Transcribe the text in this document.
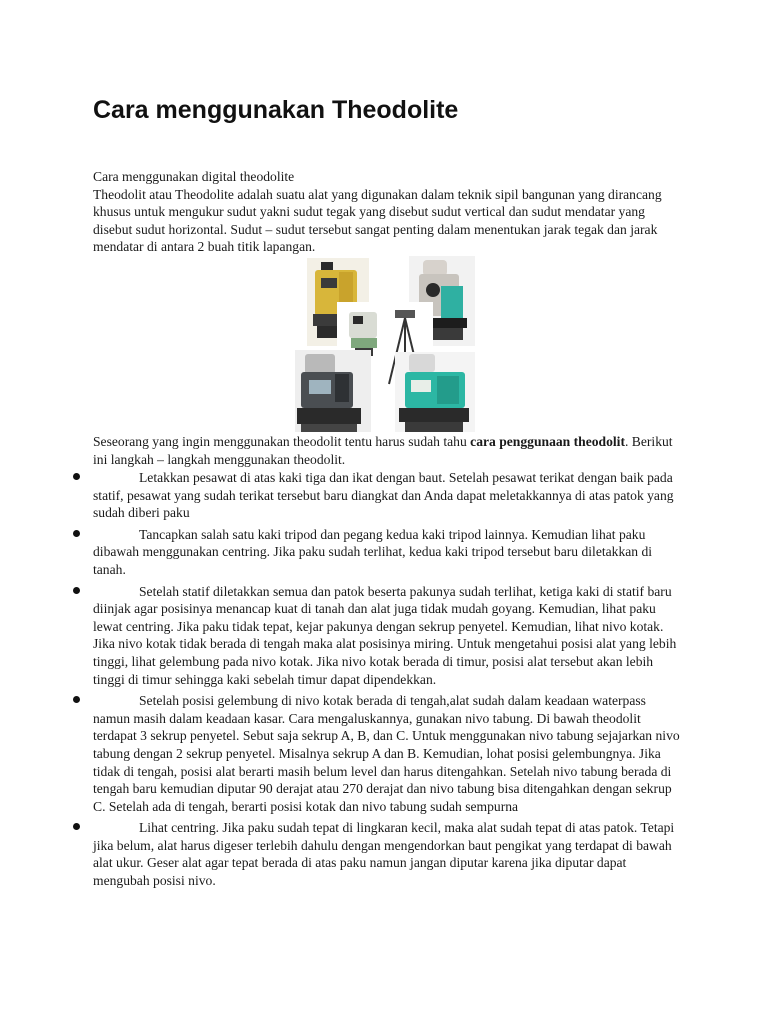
Cara menggunakan Theodolite

Cara menggunakan digital theodolite

Theodolit atau Theodolite adalah suatu alat yang digunakan dalam teknik sipil bangunan yang dirancang khusus untuk mengukur sudut yakni sudut tegak yang disebut sudut vertical dan sudut mendatar yang disebut sudut horizontal. Sudut – sudut tersebut sangat penting dalam menentukan jarak tegak dan jarak mendatar di antara 2 buah titik lapangan.

Seseorang yang ingin menggunakan theodolit tentu harus sudah tahu cara penggunaan theodolit. Berikut ini langkah – langkah menggunakan theodolit.

Letakkan pesawat di atas kaki tiga dan ikat dengan baut. Setelah pesawat terikat dengan baik pada statif, pesawat yang sudah terikat tersebut baru diangkat dan Anda dapat meletakkannya di atas patok yang sudah diberi paku

Tancapkan salah satu kaki tripod dan pegang kedua kaki tripod lainnya. Kemudian lihat paku dibawah menggunakan centring. Jika paku sudah terlihat, kedua kaki tripod tersebut baru diletakkan di tanah.

Setelah statif diletakkan semua dan patok beserta pakunya sudah terlihat, ketiga kaki di statif baru diinjak agar posisinya menancap kuat di tanah dan alat juga tidak mudah goyang. Kemudian, lihat paku lewat centring. Jika paku tidak tepat, kejar pakunya dengan sekrup penyetel. Kemudian, lihat nivo kotak. Jika nivo kotak tidak berada di tengah maka alat posisinya miring. Untuk mengetahui posisi alat yang lebih tinggi, lihat gelembung pada nivo kotak. Jika nivo kotak berada di timur, posisi alat tersebut akan lebih tinggi di timur sehingga kaki sebelah timur dapat dipendekkan.

Setelah posisi gelembung di nivo kotak berada di tengah,alat sudah dalam keadaan waterpass namun masih dalam keadaan kasar. Cara mengaluskannya, gunakan nivo tabung. Di bawah theodolit terdapat 3 sekrup penyetel. Sebut saja sekrup A, B, dan C. Untuk menggunakan nivo tabung sejajarkan nivo tabung dengan 2 sekrup penyetel. Misalnya sekrup A dan B. Kemudian, lohat posisi gelembungnya. Jika tidak di tengah, posisi alat berarti masih belum level dan harus ditengahkan. Setelah nivo tabung berada di tengah baru kemudian diputar 90 derajat atau 270 derajat dan nivo tabung bisa ditengahkan dengan sekrup C. Setelah ada di tengah, berarti posisi kotak dan nivo tabung sudah sempurna

Lihat centring. Jika paku sudah tepat di lingkaran kecil, maka alat sudah tepat di atas patok. Tetapi jika belum, alat harus digeser terlebih dahulu dengan mengendorkan baut pengikat yang terdapat di bawah alat ukur. Geser alat agar tepat berada di atas paku namun jangan diputar karena jika diputar dapat mengubah posisi nivo.
